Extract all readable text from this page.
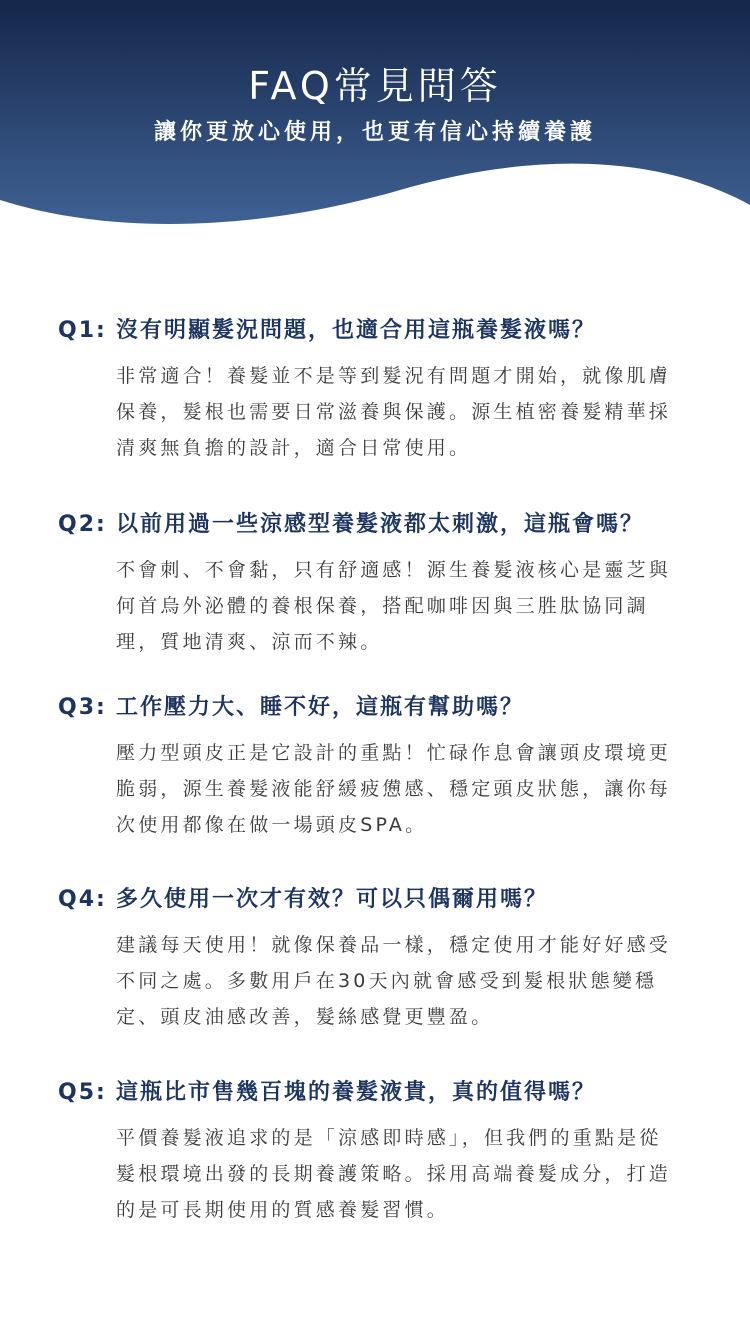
FAQ常見問答

讓你更放心使用，也更有信心持續養護

Q1: 沒有明顯髮況問題，也適合用這瓶養髮液嗎？

非常適合！養髮並不是等到髮況有問題才開始，就像肌膚保養，髮根也需要日常滋養與保護。源生植密養髮精華採清爽無負擔的設計，適合日常使用。

Q2: 以前用過一些涼感型養髮液都太刺激，這瓶會嗎？

不會刺、不會黏，只有舒適感！源生養髮液核心是靈芝與何首烏外泌體的養根保養，搭配咖啡因與三胜肽協同調理，質地清爽、涼而不辣。

Q3: 工作壓力大、睡不好，這瓶有幫助嗎？

壓力型頭皮正是它設計的重點！忙碌作息會讓頭皮環境更脆弱，源生養髮液能舒緩疲憊感、穩定頭皮狀態，讓你每次使用都像在做一場頭皮SPA。

Q4: 多久使用一次才有效？可以只偶爾用嗎？

建議每天使用！就像保養品一樣，穩定使用才能好好感受不同之處。多數用戶在30天內就會感受到髮根狀態變穩定、頭皮油感改善，髮絲感覺更豐盈。

Q5: 這瓶比市售幾百塊的養髮液貴，真的值得嗎？

平價養髮液追求的是「涼感即時感」，但我們的重點是從髮根環境出發的長期養護策略。採用高端養髮成分，打造的是可長期使用的質感養髮習慣。
